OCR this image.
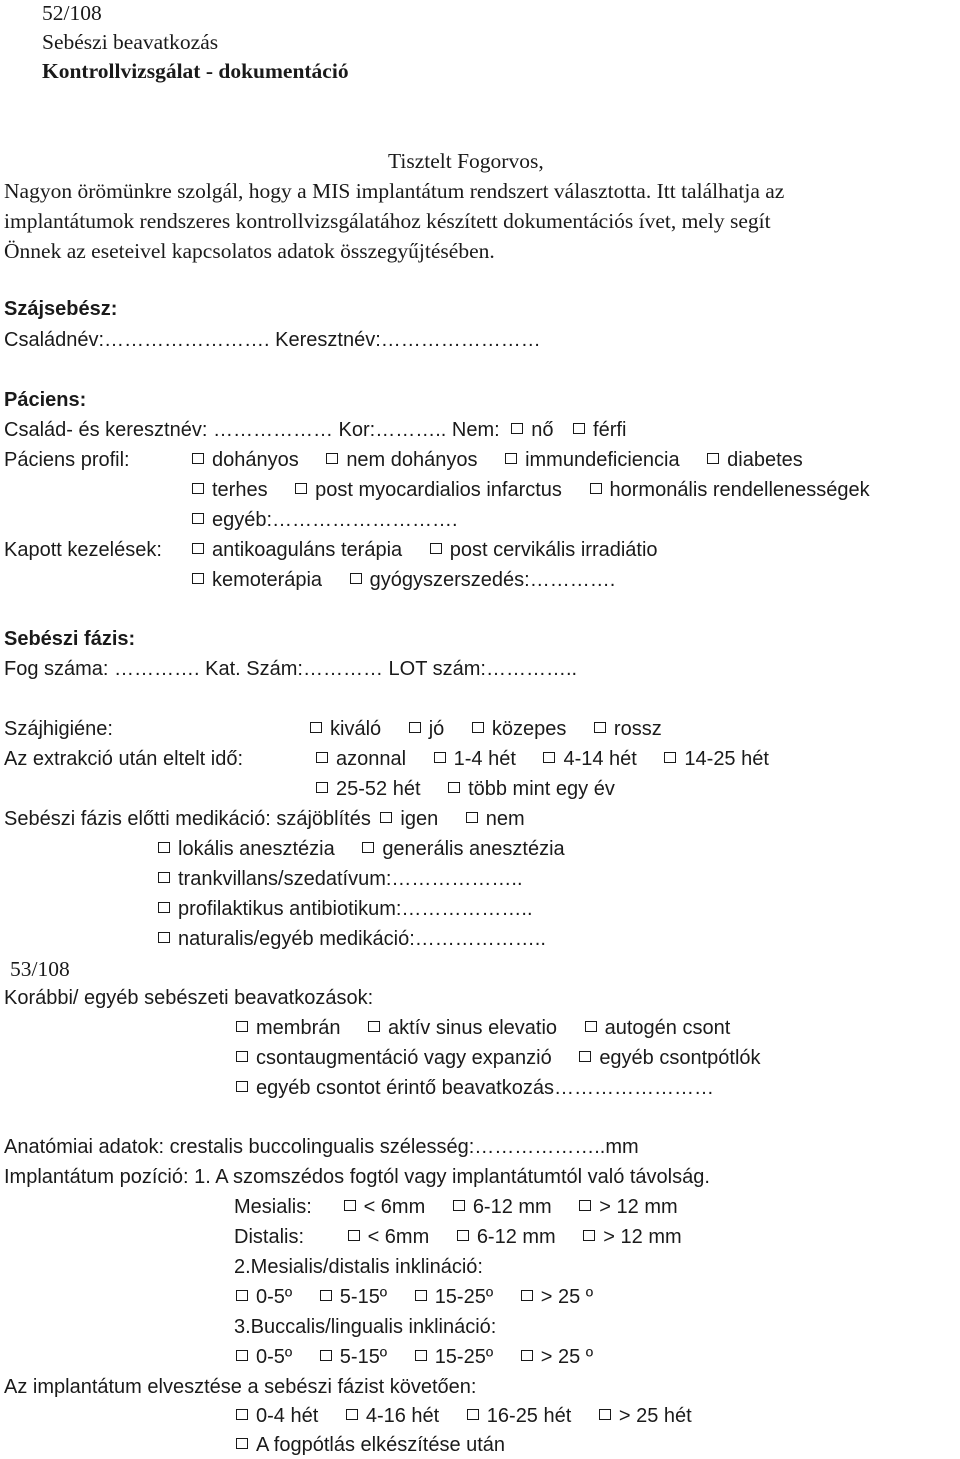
52/108
Sebészi beavatkozás
Kontrollvizsgálat - dokumentáció
Tisztelt Fogorvos,
Nagyon örömünkre szolgál, hogy a MIS implantátum rendszert választotta. Itt találhatja az
implantátumok rendszeres kontrollvizsgálatához készített dokumentációs ívet, mely segít
Önnek az eseteivel kapcsolatos adatok összegyűjtésében.
Szájsebész:
Családnév:……………………. Keresztnév:……………………
Páciens:
Család- és keresztnév: ……………… Kor:……….. Nem: nő férfi
Páciens profil:	dohányos nem dohányos immundeficiencia diabetes
terhes post myocardialios infarctus hormonális rendellenességek
egyéb:……………………….
Kapott kezelések:	antikoaguláns terápia post cervikális irradiátio
kemoterápia gyógyszerszedés:………….
Sebészi fázis:
Fog száma: …………. Kat. Szám:………… LOT szám:…………..
Szájhigiéne:	kiváló jó közepes rossz
Az extrakció után eltelt idő:	azonnal 1-4 hét 4-14 hét 14-25 hét
25-52 hét több mint egy év
Sebészi fázis előtti medikáció: szájöblítés igen nem
lokális anesztézia generális anesztézia
trankvillans/szedatívum:………………..
profilaktikus antibiotikum:………………..
naturalis/egyéb medikáció:………………..
53/108
Korábbi/ egyéb sebészeti beavatkozások:
membrán aktív sinus elevatio autogén csont
csontaugmentáció vagy expanzió egyéb csontpótlók
egyéb csontot érintő beavatkozás……………………
Anatómiai adatok: crestalis buccolingualis szélesség:………………..mm
Implantátum pozíció: 1. A szomszédos fogtól vagy implantátumtól való távolság.
Mesialis:	< 6mm 6-12 mm > 12 mm
Distalis:	< 6mm 6-12 mm > 12 mm
2.Mesialis/distalis inklináció:
0-5º 5-15º 15-25º > 25 º
3.Buccalis/lingualis inklináció:
0-5º 5-15º 15-25º > 25 º
Az implantátum elvesztése a sebészi fázist követően:
0-4 hét 4-16 hét 16-25 hét > 25 hét
A fogpótlás elkészítése után
